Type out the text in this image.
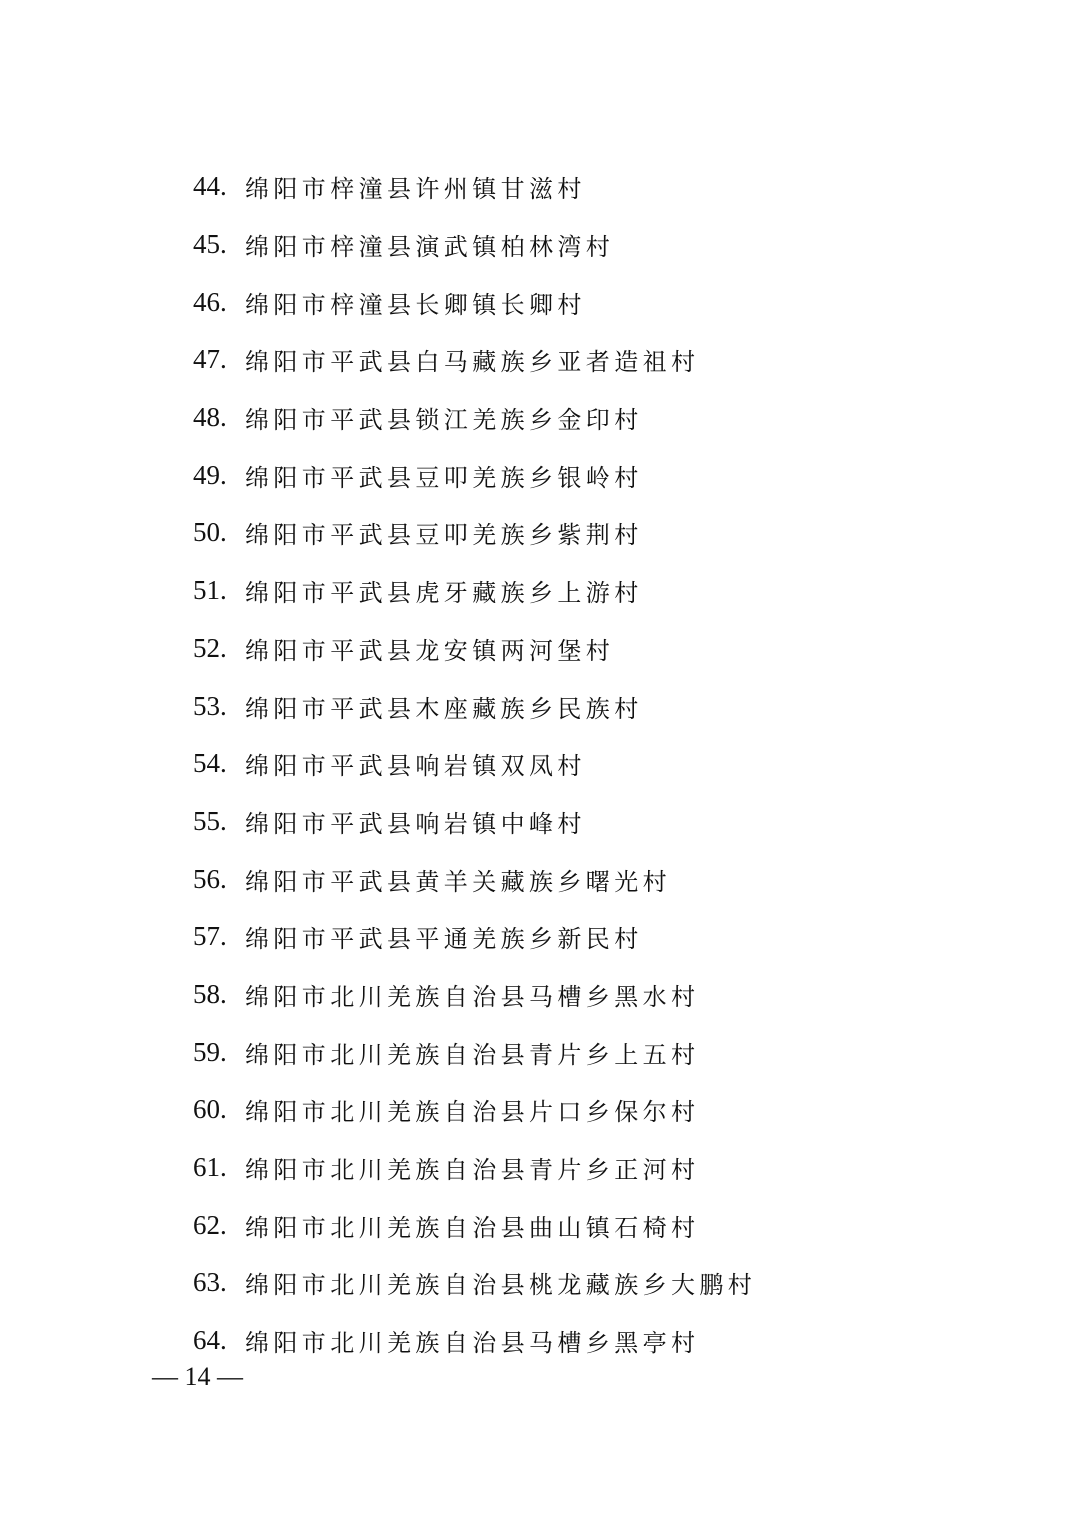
44. 绵阳市梓潼县许州镇甘滋村
45. 绵阳市梓潼县演武镇柏林湾村
46. 绵阳市梓潼县长卿镇长卿村
47. 绵阳市平武县白马藏族乡亚者造祖村
48. 绵阳市平武县锁江羌族乡金印村
49. 绵阳市平武县豆叩羌族乡银岭村
50. 绵阳市平武县豆叩羌族乡紫荆村
51. 绵阳市平武县虎牙藏族乡上游村
52. 绵阳市平武县龙安镇两河堡村
53. 绵阳市平武县木座藏族乡民族村
54. 绵阳市平武县响岩镇双凤村
55. 绵阳市平武县响岩镇中峰村
56. 绵阳市平武县黄羊关藏族乡曙光村
57. 绵阳市平武县平通羌族乡新民村
58. 绵阳市北川羌族自治县马槽乡黑水村
59. 绵阳市北川羌族自治县青片乡上五村
60. 绵阳市北川羌族自治县片口乡保尔村
61. 绵阳市北川羌族自治县青片乡正河村
62. 绵阳市北川羌族自治县曲山镇石椅村
63. 绵阳市北川羌族自治县桃龙藏族乡大鹏村
64. 绵阳市北川羌族自治县马槽乡黑亭村
— 14 —
